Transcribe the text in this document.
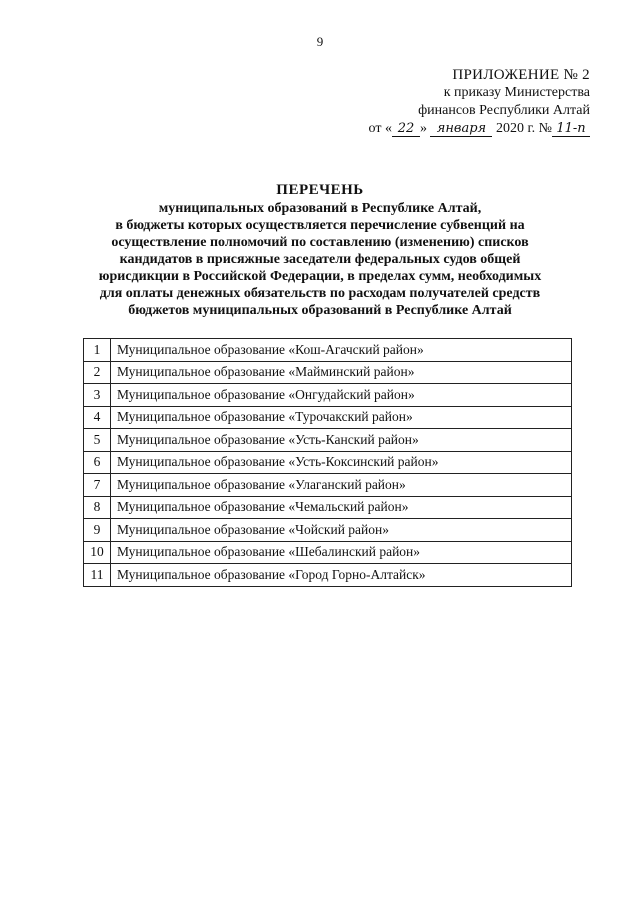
9
ПРИЛОЖЕНИЕ № 2
к приказу Министерства
финансов Республики Алтай
от « 22 » января 2020 г. № 11-п
ПЕРЕЧЕНЬ
муниципальных образований в Республике Алтай,
в бюджеты которых осуществляется перечисление субвенций на
осуществление полномочий по составлению (изменению) списков
кандидатов в присяжные заседатели федеральных судов общей
юрисдикции в Российской Федерации, в пределах сумм, необходимых
для оплаты денежных обязательств по расходам получателей средств
бюджетов муниципальных образований в Республике Алтай
1	Муниципальное образование «Кош-Агачский район»
2	Муниципальное образование «Майминский район»
3	Муниципальное образование «Онгудайский район»
4	Муниципальное образование «Турочакский район»
5	Муниципальное образование «Усть-Канский район»
6	Муниципальное образование «Усть-Коксинский район»
7	Муниципальное образование «Улаганский район»
8	Муниципальное образование «Чемальский район»
9	Муниципальное образование «Чойский район»
10	Муниципальное образование «Шебалинский район»
11	Муниципальное образование «Город Горно-Алтайск»
